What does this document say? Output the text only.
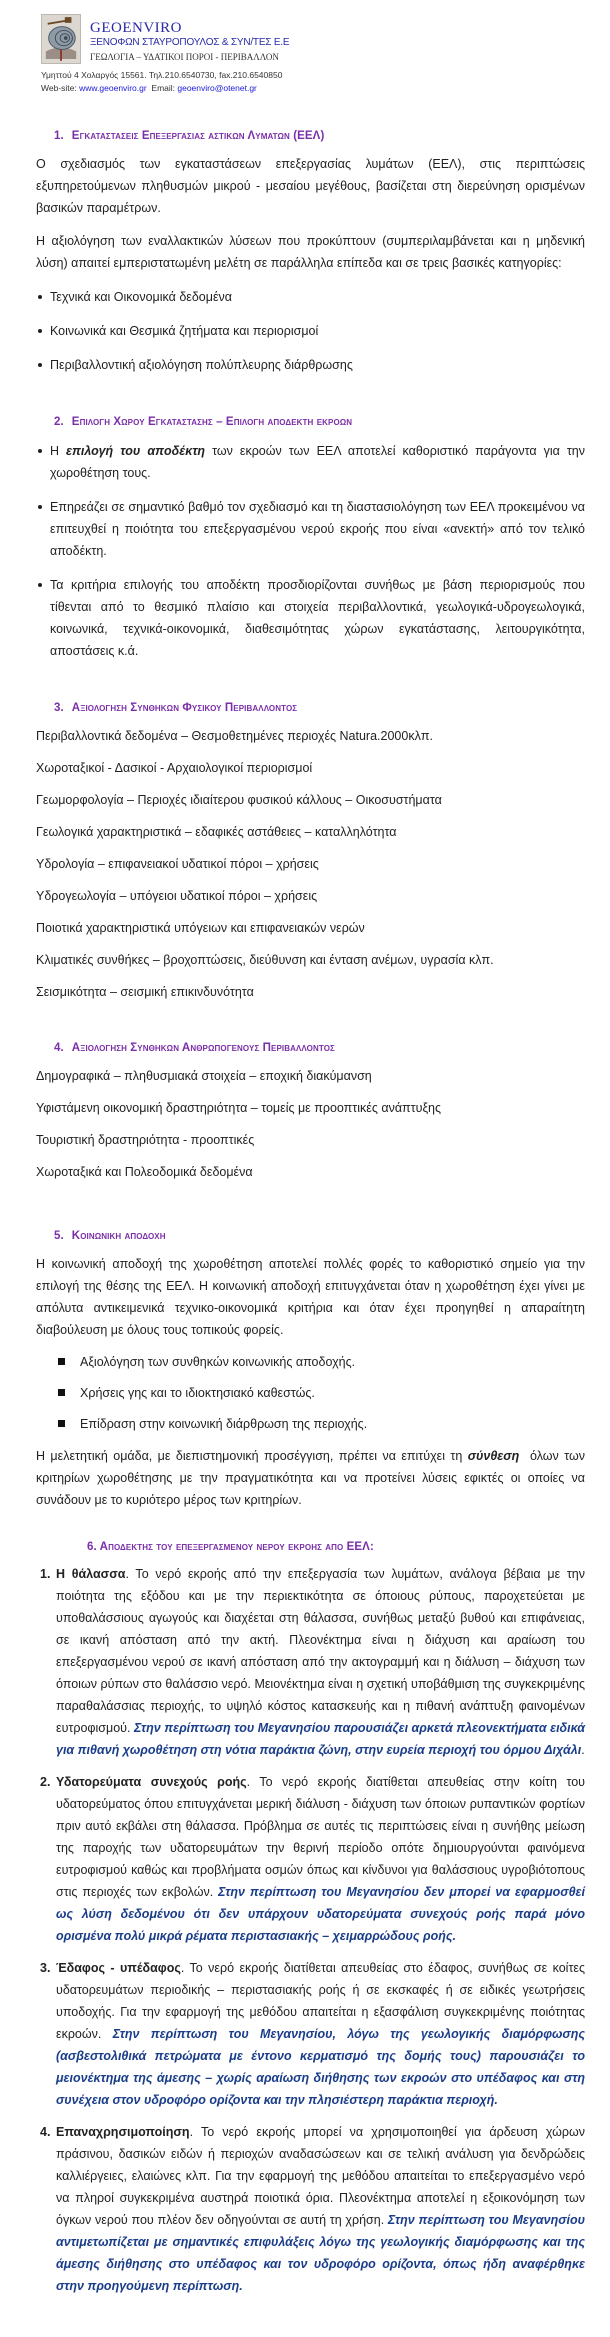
GEOENVIRO
ΞΕΝΟΦΩΝ ΣΤΑΥΡΟΠΟΥΛΟΣ & ΣΥΝ/ΤΕΣ Ε.Ε
ΓΕΩΛΟΓΙΑ – ΥΔΑΤΙΚΟΙ ΠΟΡΟΙ - ΠΕΡΙΒΑΛΛΟΝ
Υμηττού 4 Χολαργός 15561. Τηλ.210.6540730, fax.210.6540850
Web-site: www.geoenviro.gr  Email: geoenviro@otenet.gr
1. Εγκαταστασεις Επεξεργασιας αστικων Λυματων (ΕΕΛ)

Ο σχεδιασμός των εγκαταστάσεων επεξεργασίας λυμάτων (ΕΕΛ), στις περιπτώσεις εξυπηρετούμενων πληθυσμών μικρού - μεσαίου μεγέθους, βασίζεται στη διερεύνηση ορισμένων βασικών παραμέτρων.

Η αξιολόγηση των εναλλακτικών λύσεων που προκύπτουν (συμπεριλαμβάνεται και η μηδενική λύση) απαιτεί εμπεριστατωμένη μελέτη σε παράλληλα επίπεδα και σε τρεις βασικές κατηγορίες:

Τεχνικά και Οικονομικά δεδομένα
Κοινωνικά και Θεσμικά ζητήματα και περιορισμοί
Περιβαλλοντική αξιολόγηση πολύπλευρης διάρθρωσης
2. Επιλογη Χωρου Εγκαταστασησ – Επιλογη αποδεκτη εκροων
Η επιλογή του αποδέκτη των εκροών των ΕΕΛ αποτελεί καθοριστικό παράγοντα για την χωροθέτηση τους.
Επηρεάζει σε σημαντικό βαθμό τον σχεδιασμό και τη διαστασιολόγηση των ΕΕΛ προκειμένου να επιτευχθεί η ποιότητα του επεξεργασμένου νερού εκροής που είναι «ανεκτή» από τον τελικό αποδέκτη.
Τα κριτήρια επιλογής του αποδέκτη προσδιορίζονται συνήθως με βάση περιορισμούς που τίθενται από το θεσμικό πλαίσιο και στοιχεία περιβαλλοντικά, γεωλογικά-υδρογεωλογικά, κοινωνικά, τεχνικά-οικονομικά, διαθεσιμότητας χώρων εγκατάστασης, λειτουργικότητα, αποστάσεις κ.ά.
3. Αξιολογηση Συνθηκων Φυσικου Περιβαλλοντοσ
Περιβαλλοντικά δεδομένα – Θεσμοθετημένες περιοχές Natura.2000κλπ.
Χωροταξικοί - Δασικοί - Αρχαιολογικοί περιορισμοί
Γεωμορφολογία – Περιοχές ιδιαίτερου φυσικού κάλλους – Οικοσυστήματα
Γεωλογικά χαρακτηριστικά – εδαφικές αστάθειες – καταλληλότητα
Υδρολογία – επιφανειακοί υδατικοί πόροι – χρήσεις
Υδρογεωλογία – υπόγειοι υδατικοί πόροι – χρήσεις
Ποιοτικά χαρακτηριστικά υπόγειων και επιφανειακών νερών
Κλιματικές συνθήκες – βροχοπτώσεις, διεύθυνση και ένταση ανέμων, υγρασία κλπ.
Σεισμικότητα – σεισμική επικινδυνότητα
4. Αξιολογηση Συνθηκων Ανθρωπογενουσ Περιβαλλοντοσ
Δημογραφικά – πληθυσμιακά στοιχεία – εποχική διακύμανση
Υφιστάμενη οικονομική δραστηριότητα – τομείς με προοπτικές ανάπτυξης
Τουριστική δραστηριότητα - προοπτικές
Χωροταξικά και Πολεοδομικά δεδομένα
5. Κοινωνικη αποδοχη

Η κοινωνική αποδοχή της χωροθέτηση αποτελεί πολλές φορές το καθοριστικό σημείο για την επιλογή της θέσης της ΕΕΛ. Η κοινωνική αποδοχή επιτυγχάνεται όταν η χωροθέτηση έχει γίνει με απόλυτα αντικειμενικά τεχνικο-οικονομικά κριτήρια και όταν έχει προηγηθεί η απαραίτητη διαβούλευση με όλους τους τοπικούς φορείς.

Αξιολόγηση των συνθηκών κοινωνικής αποδοχής.
Χρήσεις γης και το ιδιοκτησιακό καθεστώς.
Επίδραση στην κοινωνική διάρθρωση της περιοχής.

Η μελετητική ομάδα, με διεπιστημονική προσέγγιση, πρέπει να επιτύχει τη σύνθεση  όλων των κριτηρίων χωροθέτησης με την πραγματικότητα και να προτείνει λύσεις εφικτές οι οποίες να συνάδουν με το κυριότερο μέρος των κριτηρίων.

6. Αποδεκτησ του επεξεργασμενου νερου εκροησ απο ΕΕΛ:
1. Η θάλασσα. Το νερό εκροής από την επεξεργασία των λυμάτων, ανάλογα βέβαια με την ποιότητα της εξόδου και με την περιεκτικότητα σε όποιους ρύπους, παροχετεύεται με υποθαλάσσιους αγωγούς και διαχέεται στη θάλασσα, συνήθως μεταξύ βυθού και επιφάνειας, σε ικανή απόσταση από την ακτή. Πλεονέκτημα είναι η διάχυση και αραίωση του επεξεργασμένου νερού σε ικανή απόσταση από την ακτογραμμή και η διάλυση – διάχυση των όποιων ρύπων στο θαλάσσιο νερό. Μειονέκτημα είναι η σχετική υποβάθμιση της συγκεκριμένης παραθαλάσσιας περιοχής, το υψηλό κόστος κατασκευής και η πιθανή ανάπτυξη φαινομένων ευτροφισμού. Στην περίπτωση του Μεγανησίου παρουσιάζει αρκετά πλεονεκτήματα ειδικά για πιθανή χωροθέτηση στη νότια παράκτια ζώνη, στην ευρεία περιοχή του όρμου Διχάλι.
2. Υδατορεύματα συνεχούς ροής. Το νερό εκροής διατίθεται απευθείας στην κοίτη του υδατορεύματος όπου επιτυγχάνεται μερική διάλυση - διάχυση των όποιων ρυπαντικών φορτίων πριν αυτό εκβάλει στη θάλασσα. Πρόβλημα σε αυτές τις περιπτώσεις είναι η συνήθης μείωση της παροχής των υδατορευμάτων την θερινή περίοδο οπότε δημιουργούνται φαινόμενα ευτροφισμού καθώς και προβλήματα οσμών όπως και κίνδυνοι για θαλάσσιους υγροβιότοπους στις περιοχές των εκβολών. Στην περίπτωση του Μεγανησίου δεν μπορεί να εφαρμοσθεί ως λύση δεδομένου ότι δεν υπάρχουν υδατορεύματα συνεχούς ροής παρά μόνο ορισμένα πολύ μικρά ρέματα περιστασιακής – χειμαρρώδους ροής.
3. Έδαφος - υπέδαφος. Το νερό εκροής διατίθεται απευθείας στο έδαφος, συνήθως σε κοίτες υδατορευμάτων περιοδικής – περιστασιακής ροής ή σε εκσκαφές ή σε ειδικές γεωτρήσεις υποδοχής. Για την εφαρμογή της μεθόδου απαιτείται η εξασφάλιση συγκεκριμένης ποιότητας εκροών. Στην περίπτωση του Μεγανησίου, λόγω της γεωλογικής διαμόρφωσης (ασβεστολιθικά πετρώματα με έντονο κερματισμό της δομής τους) παρουσιάζει το μειονέκτημα της άμεσης – χωρίς αραίωση διήθησης των εκροών στο υπέδαφος και στη συνέχεια στον υδροφόρο ορίζοντα και την πλησιέστερη παράκτια περιοχή.
4. Επαναχρησιμοποίηση. Το νερό εκροής μπορεί να χρησιμοποιηθεί για άρδευση χώρων πράσινου, δασικών ειδών ή περιοχών αναδασώσεων και σε τελική ανάλυση για δενδρώδεις καλλιέργειες, ελαιώνες κλπ. Για την εφαρμογή της μεθόδου απαιτείται το επεξεργασμένο νερό να πληροί συγκεκριμένα αυστηρά ποιοτικά όρια. Πλεονέκτημα αποτελεί η εξοικονόμηση των όγκων νερού που πλέον δεν οδηγούνται σε αυτή τη χρήση. Στην περίπτωση του Μεγανησίου αντιμετωπίζεται με σημαντικές επιφυλάξεις λόγω της γεωλογικής διαμόρφωσης και της άμεσης διήθησης στο υπέδαφος και τον υδροφόρο ορίζοντα, όπως ήδη αναφέρθηκε στην προηγούμενη περίπτωση.
